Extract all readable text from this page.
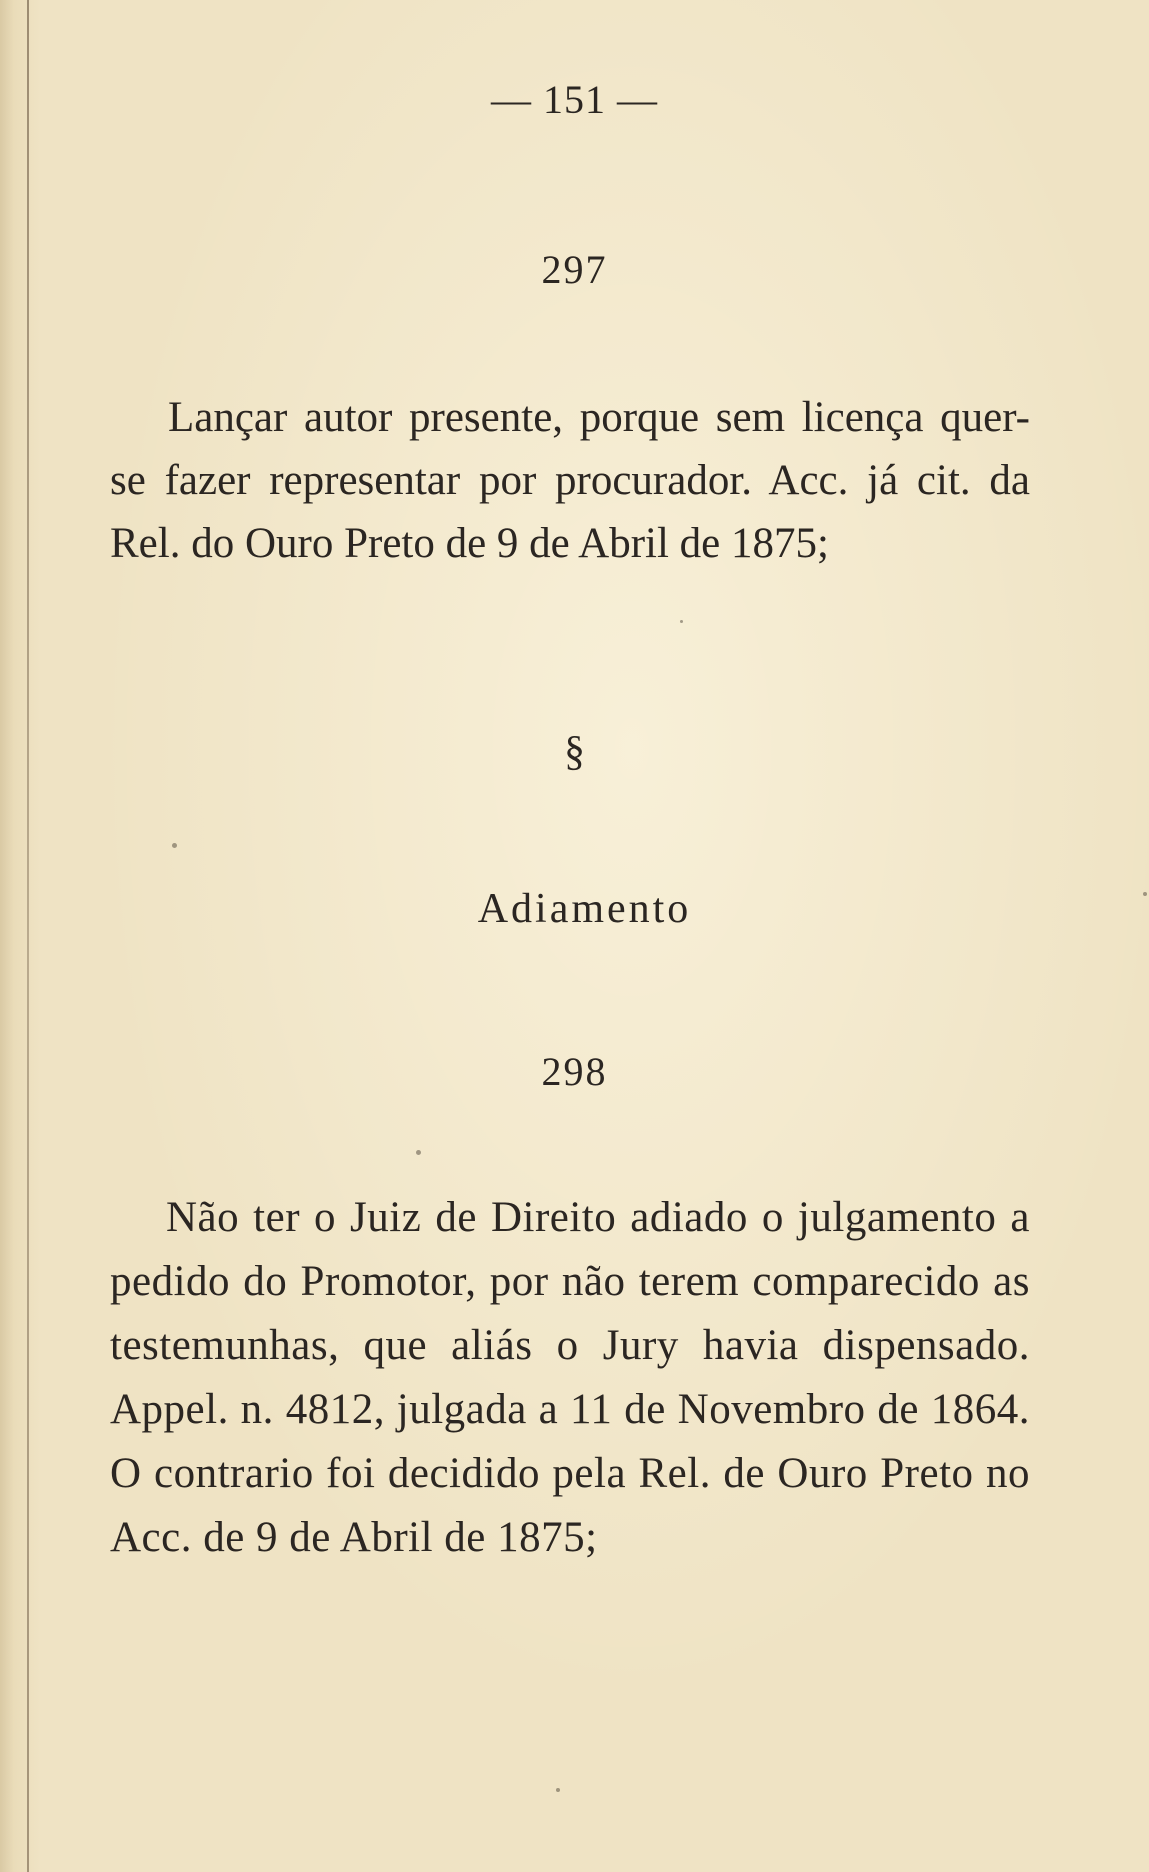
— 151 —
297

Lançar autor presente, porque sem licença quer-se fazer representar por procurador. Acc. já cit. da Rel. do Ouro Preto de 9 de Abril de 1875;

§
Adiamento
298

Não ter o Juiz de Direito adiado o julgamento a pedido do Promotor, por não terem comparecido as testemunhas, que aliás o Jury havia dispensado. Appel. n. 4812, julgada a 11 de Novembro de 1864. O contrario foi decidido pela Rel. de Ouro Preto no Acc. de 9 de Abril de 1875;
